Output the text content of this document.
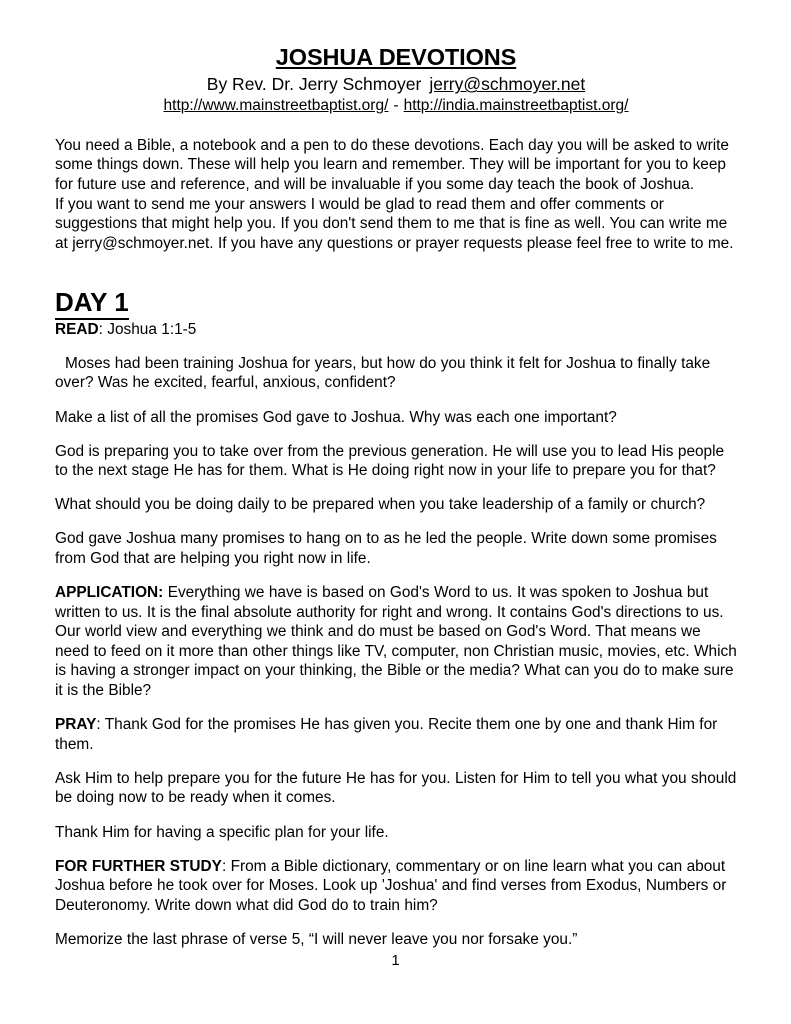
JOSHUA DEVOTIONS
By Rev. Dr. Jerry Schmoyer jerry@schmoyer.net
http://www.mainstreetbaptist.org/ - http://india.mainstreetbaptist.org/

You need a Bible, a notebook and a pen to do these devotions. Each day you will be asked to write some things down. These will help you learn and remember. They will be important for you to keep for future use and reference, and will be invaluable if you some day teach the book of Joshua.

If you want to send me your answers I would be glad to read them and offer comments or suggestions that might help you. If you don't send them to me that is fine as well. You can write me at jerry@schmoyer.net. If you have any questions or prayer requests please feel free to write to me.

DAY 1

READ: Joshua 1:1-5

Moses had been training Joshua for years, but how do you think it felt for Joshua to finally take over? Was he excited, fearful, anxious, confident?

Make a list of all the promises God gave to Joshua. Why was each one important?

God is preparing you to take over from the previous generation. He will use you to lead His people to the next stage He has for them. What is He doing right now in your life to prepare you for that?

What should you be doing daily to be prepared when you take leadership of a family or church?

God gave Joshua many promises to hang on to as he led the people. Write down some promises from God that are helping you right now in life.

APPLICATION: Everything we have is based on God's Word to us. It was spoken to Joshua but written to us. It is the final absolute authority for right and wrong. It contains God's directions to us. Our world view and everything we think and do must be based on God's Word. That means we need to feed on it more than other things like TV, computer, non Christian music, movies, etc. Which is having a stronger impact on your thinking, the Bible or the media? What can you do to make sure it is the Bible?

PRAY: Thank God for the promises He has given you. Recite them one by one and thank Him for them.

Ask Him to help prepare you for the future He has for you. Listen for Him to tell you what you should be doing now to be ready when it comes.

Thank Him for having a specific plan for your life.

FOR FURTHER STUDY: From a Bible dictionary, commentary or on line learn what you can about Joshua before he took over for Moses. Look up 'Joshua' and find verses from Exodus, Numbers or Deuteronomy. Write down what did God do to train him?

Memorize the last phrase of verse 5, “I will never leave you nor forsake you.”

1
